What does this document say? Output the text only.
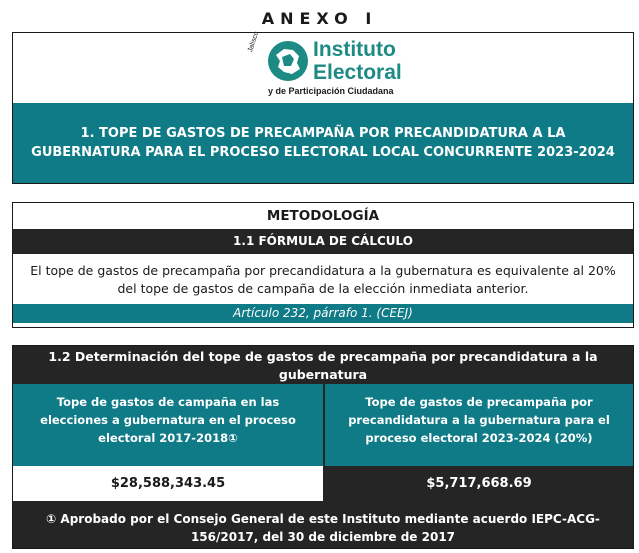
ANEXO I
Jalisco	Instituto
Electoral
y de Participación Ciudadana
1. TOPE DE GASTOS DE PRECAMPAÑA POR PRECANDIDATURA A LA GUBERNATURA PARA EL PROCESO ELECTORAL LOCAL CONCURRENTE 2023-2024
METODOLOGÍA
1.1 FÓRMULA DE CÁLCULO
El tope de gastos de precampaña por precandidatura a la gubernatura es equivalente al 20% del tope de gastos de campaña de la elección inmediata anterior.
Artículo 232, párrafo 1. (CEEJ)
1.2 Determinación del tope de gastos de precampaña por precandidatura a la gubernatura
Tope de gastos de campaña en las elecciones a gubernatura en el proceso electoral 2017-2018①
Tope de gastos de precampaña por precandidatura a la gubernatura para el proceso electoral 2023-2024 (20%)
$28,588,343.45	$5,717,668.69
① Aprobado por el Consejo General de este Instituto mediante acuerdo IEPC-ACG-156/2017, del 30 de diciembre de 2017
